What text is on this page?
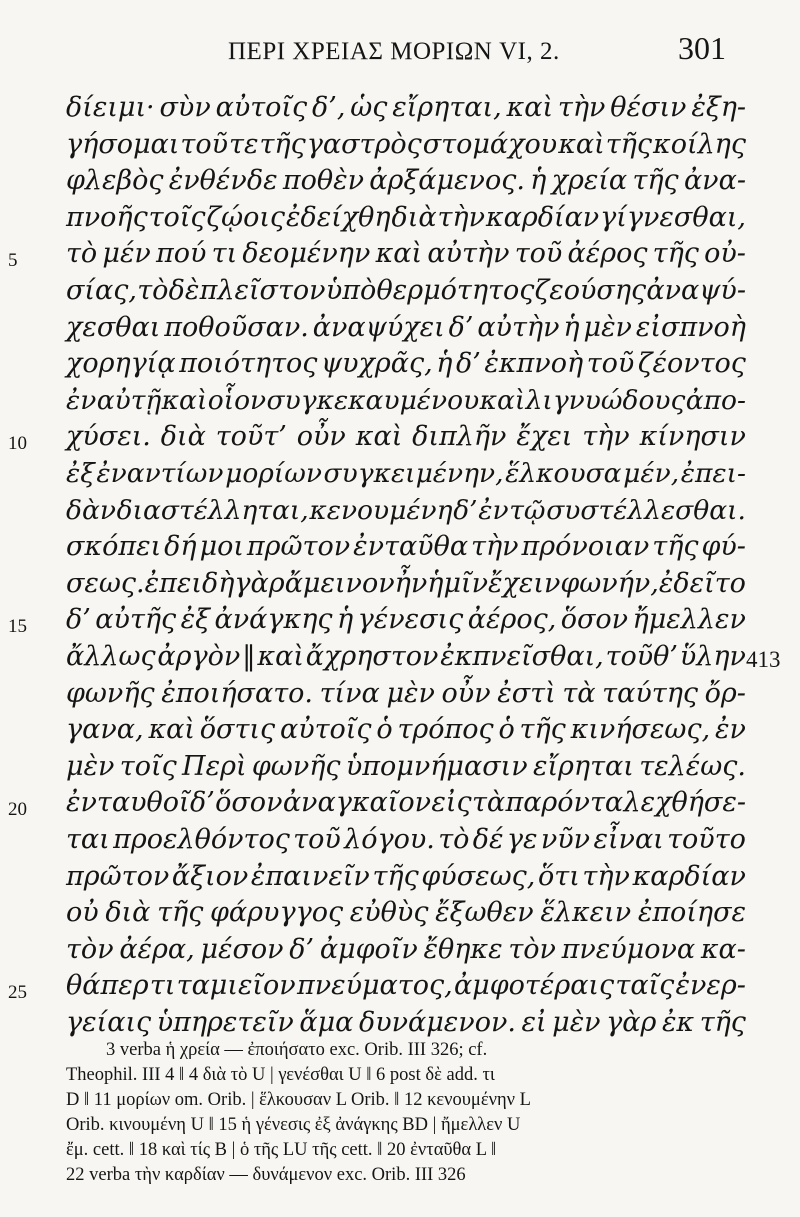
ΠΕΡΙ ΧΡΕΙΑΣ ΜΟΡΙΩΝ VI, 2.	301
δίειμι· σὺν αὐτοῖς δ’, ὡς εἴρηται, καὶ τὴν θέσιν ἐξη-
γήσομαι τοῦ τε τῆς γαστρὸς στομάχου καὶ τῆς κοίλης
φλεβὸς ἐνθένδε ποθὲν ἀρξάμενος. ἡ χρεία τῆς ἀνα-
πνοῆς τοῖς ζῴοις ἐδείχθη διὰ τὴν καρδίαν γίγνεσθαι,
5 τὸ μέν πού τι δεομένην καὶ αὐτὴν τοῦ ἀέρος τῆς οὐ-
σίας, τὸ δὲ πλεῖστον ὑπὸ θερμότητος ζεούσης ἀναψύ-
χεσθαι ποθοῦσαν. ἀναψύχει δ’ αὐτὴν ἡ μὲν εἰσπνοὴ
χορηγίᾳ ποιότητος ψυχρᾶς, ἡ δ’ ἐκπνοὴ τοῦ ζέοντος
ἐν αὐτῇ καὶ οἷον συγκεκαυμένου καὶ λιγνυώδους ἀπο-
10 χύσει. διὰ τοῦτ’ οὖν καὶ διπλῆν ἔχει τὴν κίνησιν
ἐξ ἐναντίων μορίων συγκειμένην, ἕλκουσα μέν, ἐπει-
δὰν διαστέλληται, κενουμένη δ’ ἐν τῷ συστέλλεσθαι.
σκόπει δή μοι πρῶτον ἐνταῦθα τὴν πρόνοιαν τῆς φύ-
σεως. ἐπειδὴ γὰρ ἄμεινον ἦν ἡμῖν ἔχειν φωνήν, ἐδεῖτο
15 δ’ αὐτῆς ἐξ ἀνάγκης ἡ γένεσις ἀέρος, ὅσον ἤμελλεν
ἄλλως ἀργὸν ‖ καὶ ἄχρηστον ἐκπνεῖσθαι, τοῦθ’ ὕλην 413
φωνῆς ἐποιήσατο. τίνα μὲν οὖν ἐστὶ τὰ ταύτης ὄρ-
γανα, καὶ ὅστις αὐτοῖς ὁ τρόπος ὁ τῆς κινήσεως, ἐν
μὲν τοῖς Περὶ φωνῆς ὑπομνήμασιν εἴρηται τελέως.
20 ἐνταυθοῖ δ’ ὅσον ἀναγκαῖον εἰς τὰ παρόντα λεχθήσε-
ται προελθόντος τοῦ λόγου. τὸ δέ γε νῦν εἶναι τοῦτο
πρῶτον ἄξιον ἐπαινεῖν τῆς φύσεως, ὅτι τὴν καρδίαν
οὐ διὰ τῆς φάρυγγος εὐθὺς ἔξωθεν ἕλκειν ἐποίησε
τὸν ἀέρα, μέσον δ’ ἀμφοῖν ἔθηκε τὸν πνεύμονα κα-
25 θάπερ τι ταμιεῖον πνεύματος, ἀμφοτέραις ταῖς ἐνερ-
γείαις ὑπηρετεῖν ἅμα δυνάμενον. εἰ μὲν γὰρ ἐκ τῆς
3 verba ἡ χρεία — ἐποιήσατο exc. Orib. III 326; cf.
Theophil. III 4 ‖ 4 διὰ τὸ U | γενέσθαι U ‖ 6 post δὲ add. τι
D ‖ 11 μορίων om. Orib. | ἕλκουσαν L Orib. ‖ 12 κενουμένην L
Orib. κινουμένη U ‖ 15 ἡ γένεσις ἐξ ἀνάγκης BD | ἤμελλεν U
ἔμ. cett. ‖ 18 καὶ τίς B | ὁ τῆς LU τῆς cett. ‖ 20 ἐνταῦθα L ‖
22 verba τὴν καρδίαν — δυνάμενον exc. Orib. III 326
